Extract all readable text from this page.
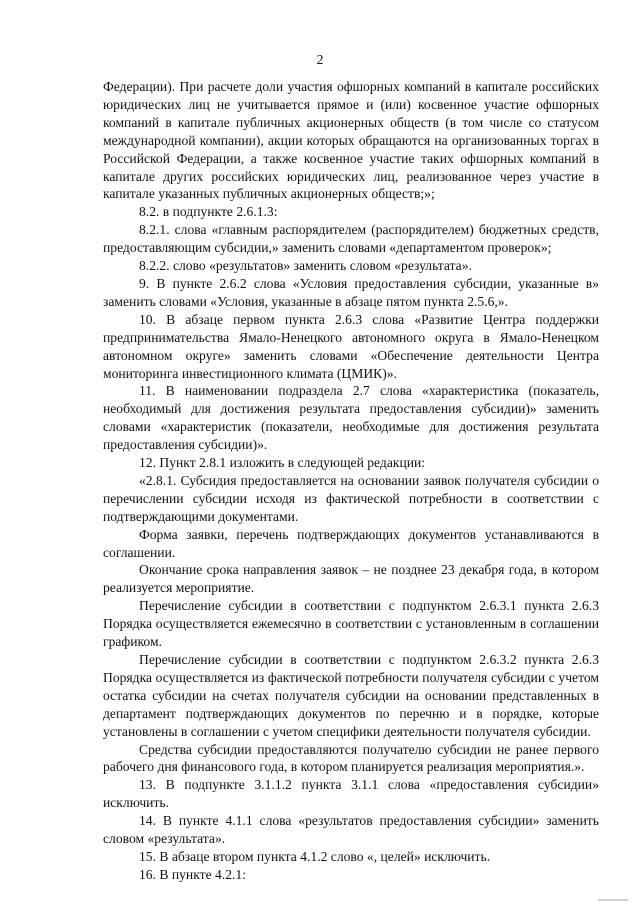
2

Федерации). При расчете доли участия офшорных компаний в капитале российских юридических лиц не учитывается прямое и (или) косвенное участие офшорных компаний в капитале публичных акционерных обществ (в том числе со статусом международной компании), акции которых обращаются на организованных торгах в Российской Федерации, а также косвенное участие таких офшорных компаний в капитале других российских юридических лиц, реализованное через участие в капитале указанных публичных акционерных обществ;»;

8.2. в подпункте 2.6.1.3:

8.2.1. слова «главным распорядителем (распорядителем) бюджетных средств, предоставляющим субсидии,» заменить словами «департаментом проверок»;

8.2.2. слово «результатов» заменить словом «результата».

9. В пункте 2.6.2 слова «Условия предоставления субсидии, указанные в» заменить словами «Условия, указанные в абзаце пятом пункта 2.5.6,».

10. В абзаце первом пункта 2.6.3 слова «Развитие Центра поддержки предпринимательства Ямало-Ненецкого автономного округа в Ямало-Ненецком автономном округе» заменить словами «Обеспечение деятельности Центра мониторинга инвестиционного климата (ЦМИК)».

11. В наименовании подраздела 2.7 слова «характеристика (показатель, необходимый для достижения результата предоставления субсидии)» заменить словами «характеристик (показатели, необходимые для достижения результата предоставления субсидии)».

12. Пункт 2.8.1 изложить в следующей редакции:

«2.8.1. Субсидия предоставляется на основании заявок получателя субсидии о перечислении субсидии исходя из фактической потребности в соответствии с подтверждающими документами.

Форма заявки, перечень подтверждающих документов устанавливаются в соглашении.

Окончание срока направления заявок – не позднее 23 декабря года, в котором реализуется мероприятие.

Перечисление субсидии в соответствии с подпунктом 2.6.3.1 пункта 2.6.3 Порядка осуществляется ежемесячно в соответствии с установленным в соглашении графиком.

Перечисление субсидии в соответствии с подпунктом 2.6.3.2 пункта 2.6.3 Порядка осуществляется из фактической потребности получателя субсидии с учетом остатка субсидии на счетах получателя субсидии на основании представленных в департамент подтверждающих документов по перечню и в порядке, которые установлены в соглашении с учетом специфики деятельности получателя субсидии.

Средства субсидии предоставляются получателю субсидии не ранее первого рабочего дня финансового года, в котором планируется реализация мероприятия.».

13. В подпункте 3.1.1.2 пункта 3.1.1 слова «предоставления субсидии» исключить.

14. В пункте 4.1.1 слова «результатов предоставления субсидии» заменить словом «результата».

15. В абзаце втором пункта 4.1.2 слово «, целей» исключить.

16. В пункте 4.2.1:
